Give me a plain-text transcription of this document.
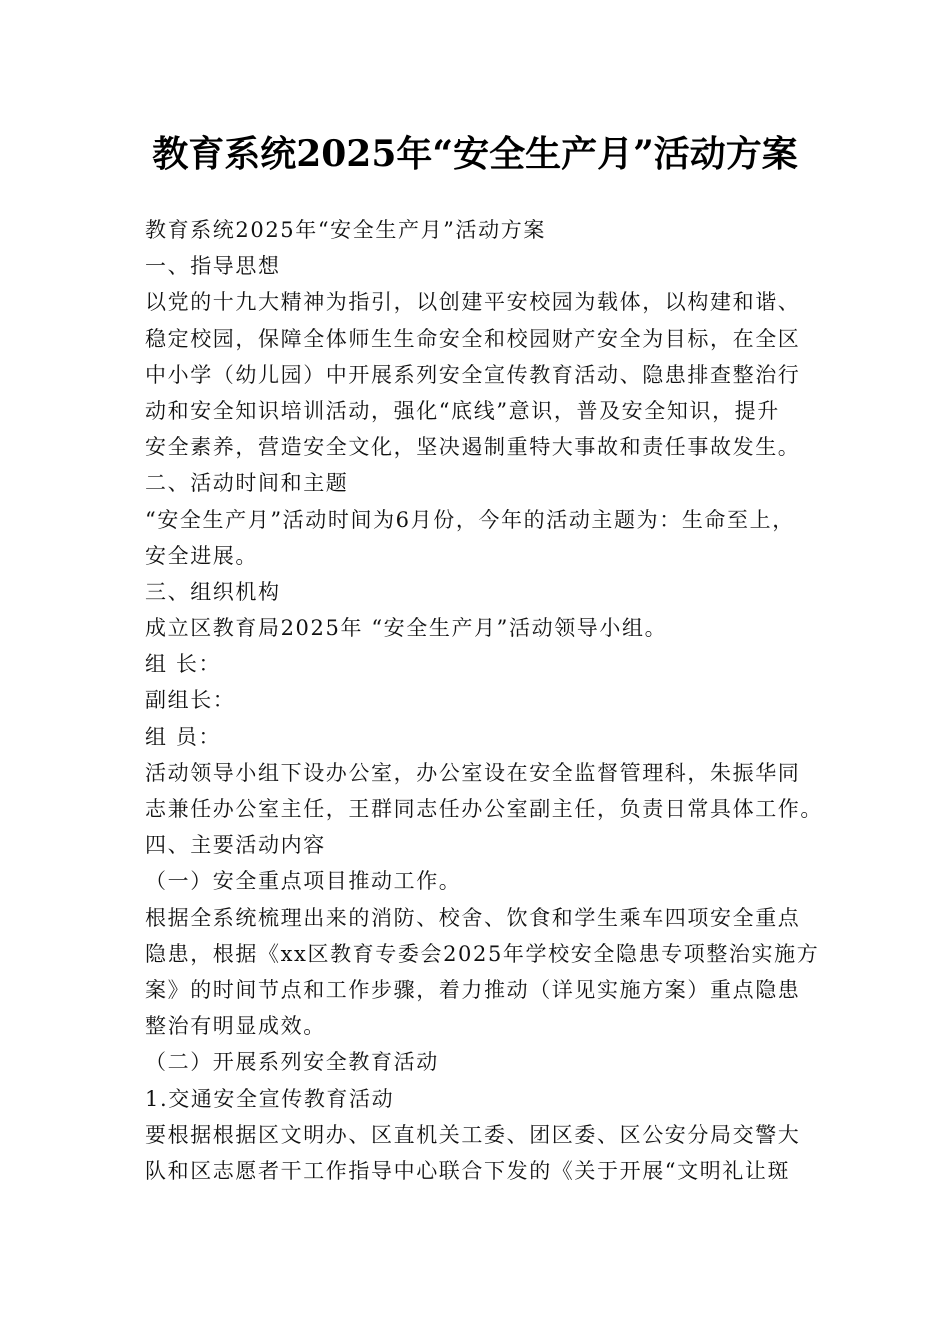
教育系统2025年“安全生产月”活动方案
教育系统2025年“安全生产月”活动方案
一、指导思想
以党的十九大精神为指引，以创建平安校园为载体，以构建和谐、
稳定校园，保障全体师生生命安全和校园财产安全为目标，在全区
中小学（幼儿园）中开展系列安全宣传教育活动、隐患排查整治行
动和安全知识培训活动，强化“底线”意识，普及安全知识，提升
安全素养，营造安全文化，坚决遏制重特大事故和责任事故发生。
二、活动时间和主题
“安全生产月”活动时间为6月份，今年的活动主题为：生命至上，
安全进展。
三、组织机构
成立区教育局2025年 “安全生产月”活动领导小组。
组 长：
副组长：
组 员：
活动领导小组下设办公室，办公室设在安全监督管理科，朱振华同
志兼任办公室主任，王群同志任办公室副主任，负责日常具体工作。
四、主要活动内容
（一）安全重点项目推动工作。
根据全系统梳理出来的消防、校舍、饮食和学生乘车四项安全重点
隐患，根据《xx区教育专委会2025年学校安全隐患专项整治实施方
案》的时间节点和工作步骤，着力推动（详见实施方案）重点隐患
整治有明显成效。
（二）开展系列安全教育活动
1.交通安全宣传教育活动
要根据根据区文明办、区直机关工委、团区委、区公安分局交警大
队和区志愿者干工作指导中心联合下发的《关于开展“文明礼让斑
